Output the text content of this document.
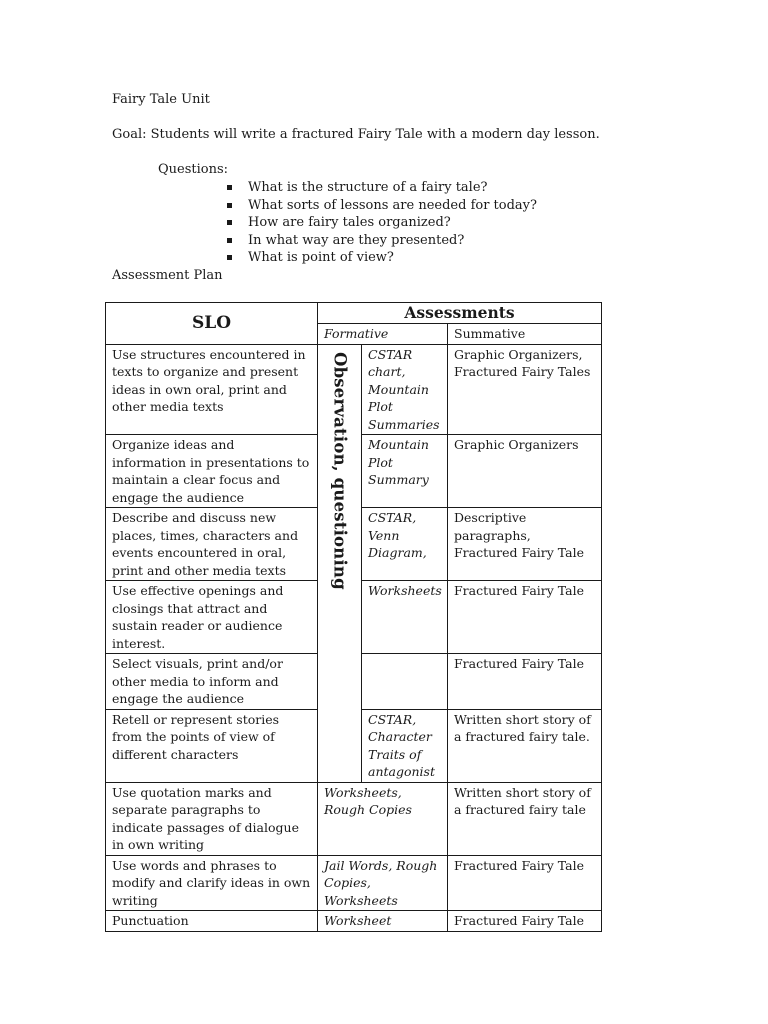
Fairy Tale Unit
Goal: Students will write a fractured Fairy Tale with a modern day lesson.
Questions:
What is the structure of a fairy tale?
What sorts of lessons are needed for today?
How are fairy tales organized?
In what way are they presented?
What is point of view?
Assessment Plan
SLO	Assessments		
	Formative		Summative
Use structures encountered in texts to organize and present ideas in own oral, print and other media texts	Observation, questioning	CSTAR chart, Mountain Plot Summaries	Graphic Organizers, Fractured Fairy Tales
Organize ideas and information in presentations to maintain a clear focus and engage the audience		Mountain Plot Summary	Graphic Organizers
Describe and discuss new places, times, characters and events encountered in oral, print and other media texts		CSTAR, Venn Diagram,	Descriptive paragraphs, Fractured Fairy Tale
Use effective openings and closings that attract and sustain reader or audience interest.		Worksheets	Fractured Fairy Tale
Select visuals, print and/or other media to inform and engage the audience			Fractured Fairy Tale
Retell or represent stories from the points of view of different characters		CSTAR, Character Traits of antagonist	Written short story of a fractured fairy tale.
Use quotation marks and separate paragraphs to indicate passages of dialogue in own writing	Worksheets, Rough Copies		Written short story of a fractured fairy tale
Use words and phrases to modify and clarify ideas in own writing	Jail Words, Rough Copies, Worksheets		Fractured Fairy Tale
Punctuation	Worksheet		Fractured Fairy Tale
